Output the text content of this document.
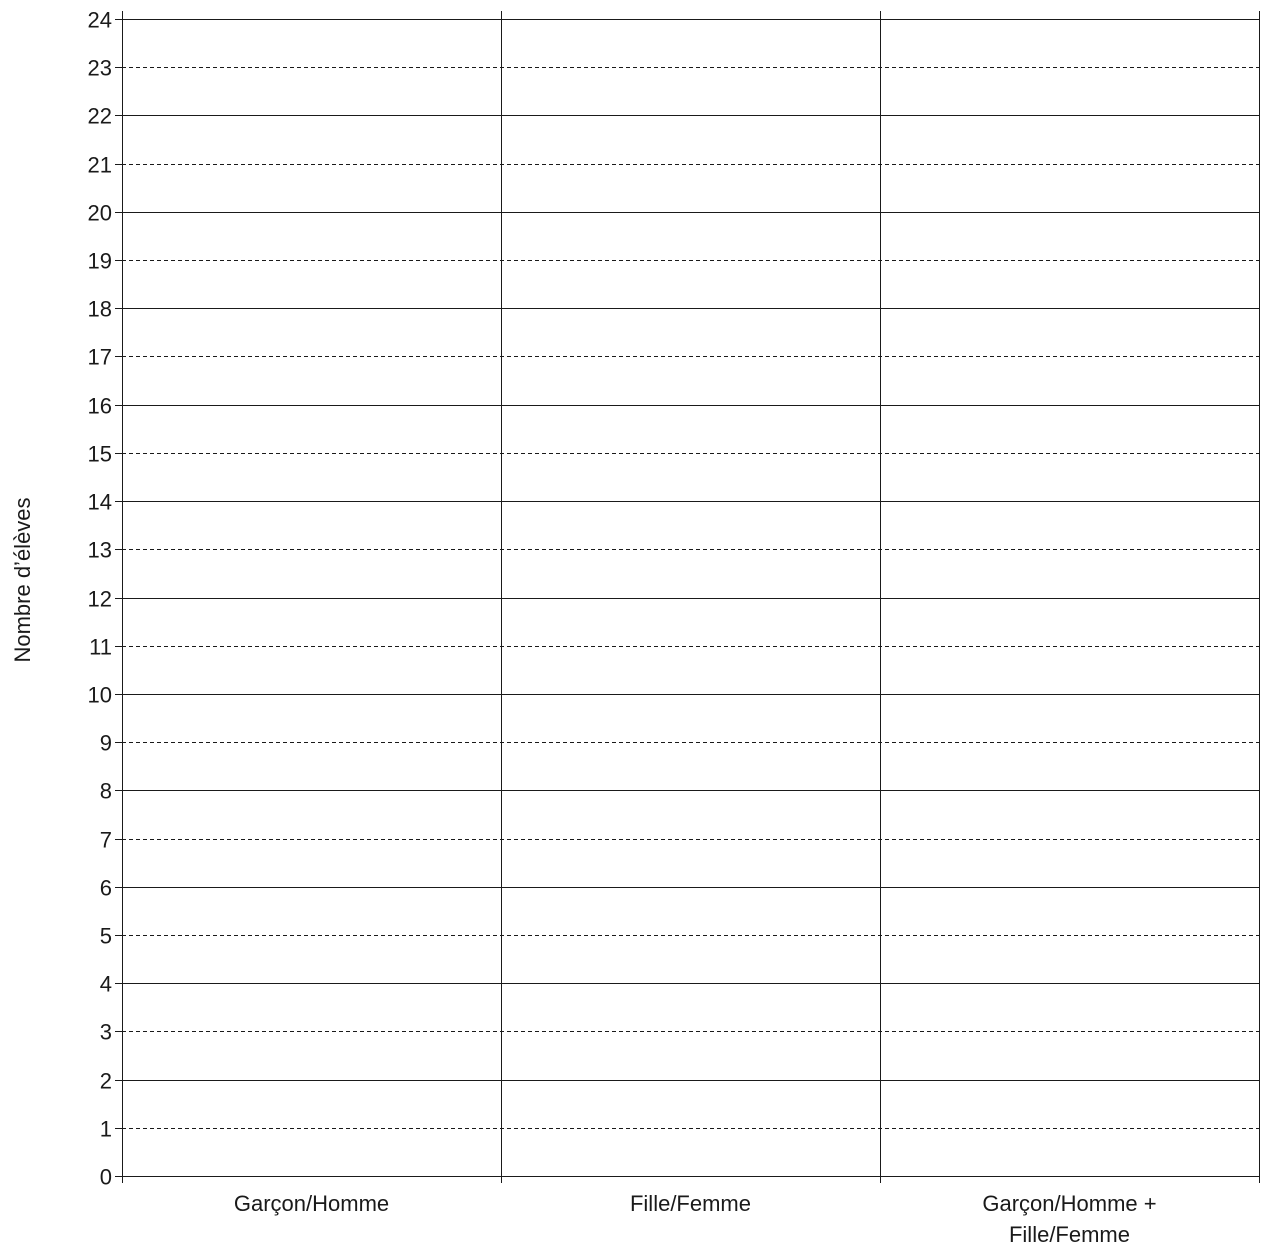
0
1
2
3
4
5
6
7
8
9
10
11
12
13
14
15
16
17
18
19
20
21
22
23
24
Garçon/Homme	Fille/Femme	Garçon/Homme +
Fille/Femme
Nombre d’élèves
